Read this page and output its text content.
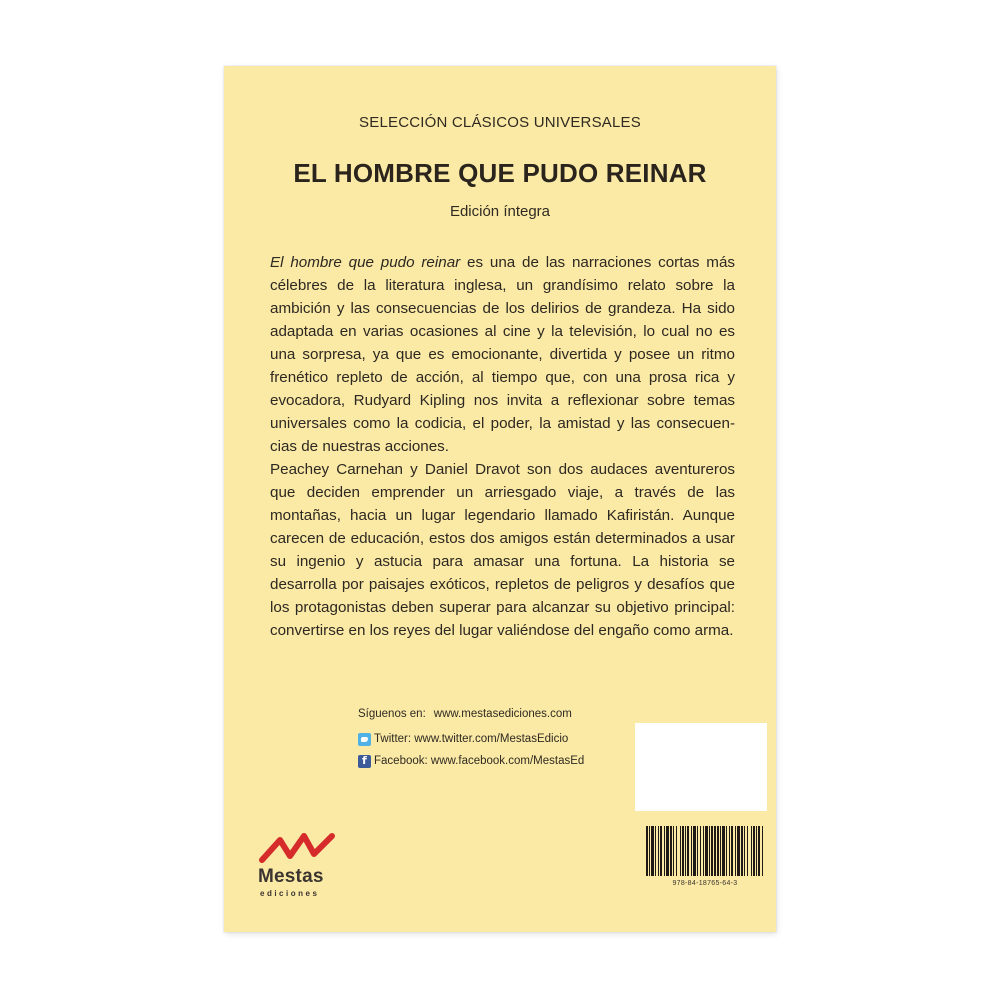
SELECCIÓN CLÁSICOS UNIVERSALES
EL HOMBRE QUE PUDO REINAR
Edición íntegra

El hombre que pudo reinar es una de las narraciones cortas más célebres de la literatura inglesa, un grandísimo relato sobre la ambición y las consecuencias de los delirios de grandeza. Ha sido adaptada en varias ocasiones al cine y la televisión, lo cual no es una sorpresa, ya que es emocionante, divertida y posee un ritmo frenético repleto de acción, al tiempo que, con una prosa rica y evocadora, Rudyard Kipling nos invita a reflexionar sobre temas universales como la codicia, el poder, la amistad y las consecuencias de nuestras acciones.

Peachey Carnehan y Daniel Dravot son dos audaces aventureros que deciden emprender un arriesgado viaje, a través de las montañas, hacia un lugar legendario llamado Kafiristán. Aunque carecen de educación, estos dos amigos están determinados a usar su ingenio y astucia para amasar una fortuna. La historia se desarrolla por paisajes exóticos, repletos de peligros y desafíos que los protagonistas deben superar para alcanzar su objetivo principal: convertirse en los reyes del lugar valiéndose del engaño como arma.

Síguenos en: www.mestasediciones.com
Twitter: www.twitter.com/MestasEdicio
f
Facebook: www.facebook.com/MestasEd
Mestas
ediciones
978-84-18765-64-3
